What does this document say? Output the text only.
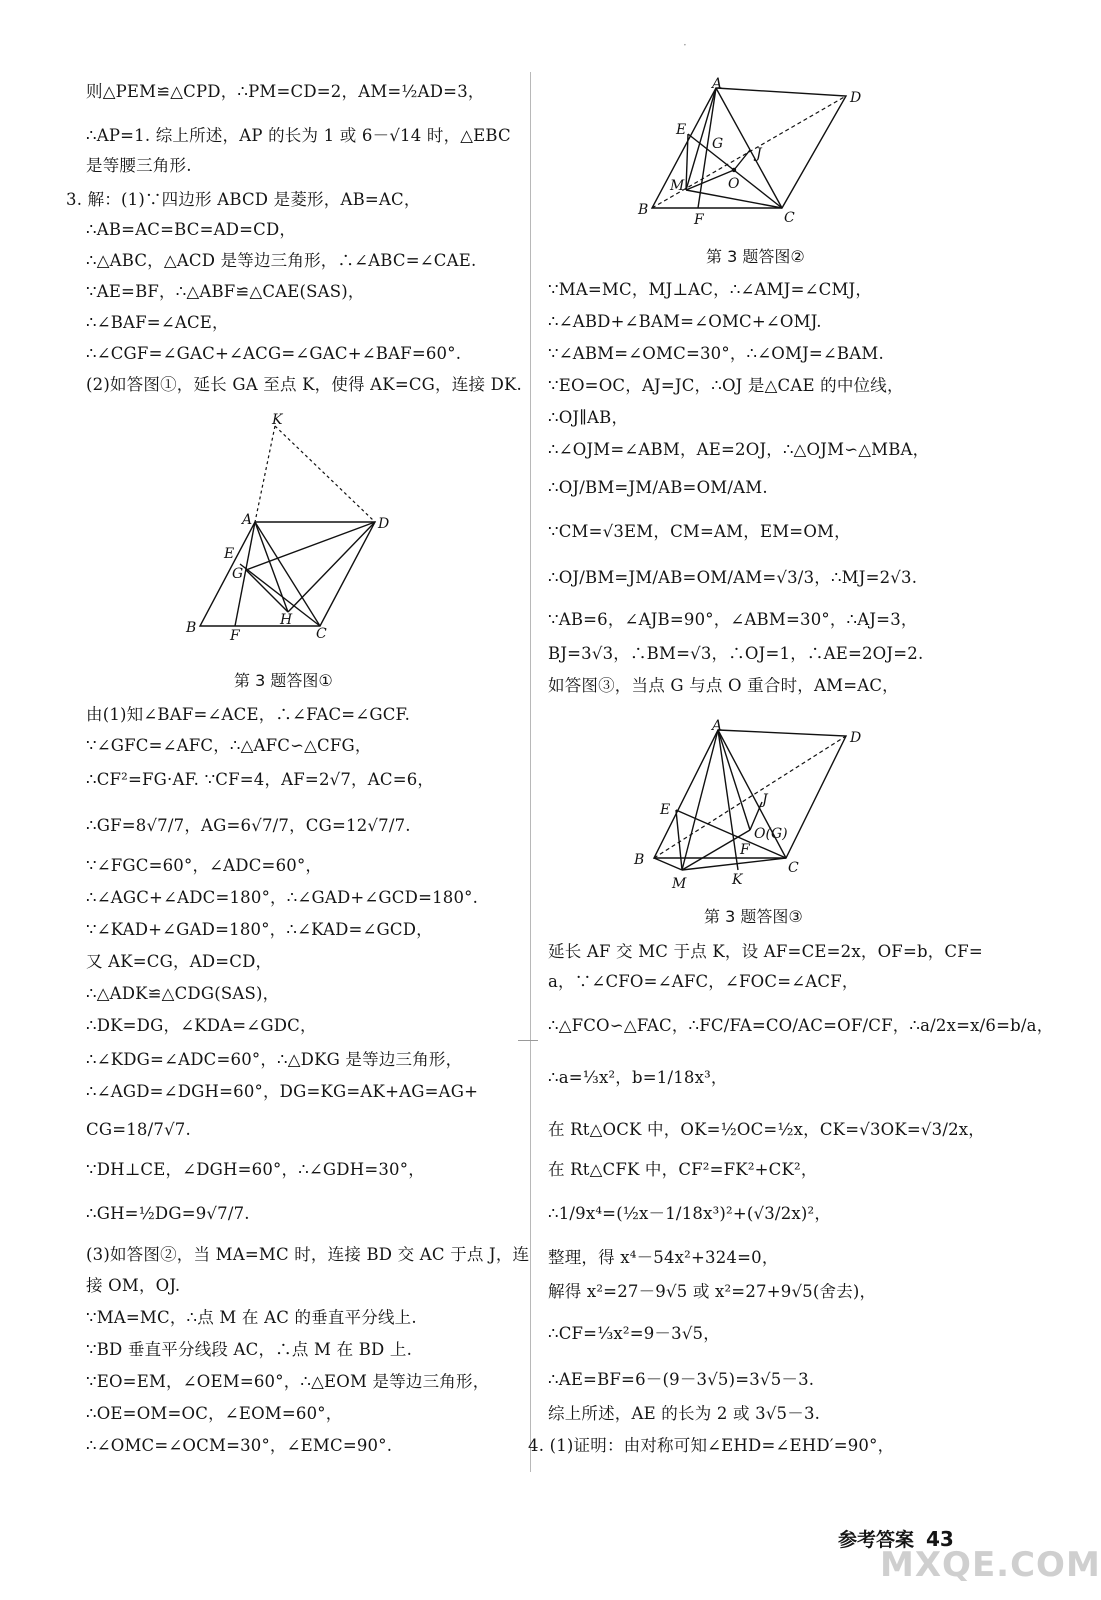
·
则△PEM≌△CPD，∴PM=CD=2，AM=½AD=3，
∴AP=1. 综上所述，AP 的长为 1 或 6－√14 时，△EBC
是等腰三角形.
3. 解：(1)∵四边形 ABCD 是菱形，AB=AC，
∴AB=AC=BC=AD=CD，
∴△ABC，△ACD 是等边三角形，∴∠ABC=∠CAE.
∵AE=BF，∴△ABF≌△CAE(SAS)，
∴∠BAF=∠ACE，
∴∠CGF=∠GAC+∠ACG=∠GAC+∠BAF=60°.
(2)如答图①，延长 GA 至点 K，使得 AK=CG，连接 DK.
由(1)知∠BAF=∠ACE，∴∠FAC=∠GCF.
∵∠GFC=∠AFC，∴△AFC∽△CFG，
∴CF²=FG·AF. ∵CF=4，AF=2√7，AC=6，
∴GF=8√7/7，AG=6√7/7，CG=12√7/7.
∵∠FGC=60°，∠ADC=60°，
∴∠AGC+∠ADC=180°，∴∠GAD+∠GCD=180°.
∵∠KAD+∠GAD=180°，∴∠KAD=∠GCD，
又 AK=CG，AD=CD，
∴△ADK≌△CDG(SAS)，
∴DK=DG，∠KDA=∠GDC，
∴∠KDG=∠ADC=60°，∴△DKG 是等边三角形，
∴∠AGD=∠DGH=60°，DG=KG=AK+AG=AG+
CG=18/7√7.
∵DH⊥CE，∠DGH=60°，∴∠GDH=30°，
∴GH=½DG=9√7/7.
(3)如答图②，当 MA=MC 时，连接 BD 交 AC 于点 J，连
接 OM，OJ.
∵MA=MC，∴点 M 在 AC 的垂直平分线上.
∵BD 垂直平分线段 AC，∴点 M 在 BD 上.
∵EO=EM，∠OEM=60°，∴△EOM 是等边三角形，
∴OE=OM=OC，∠EOM=60°，
∴∠OMC=∠OCM=30°，∠EMC=90°.
K
A	D
E
G
H
B F	C
第 3 题答图①
∵MA=MC，MJ⊥AC，∴∠AMJ=∠CMJ，
∴∠ABD+∠BAM=∠OMC+∠OMJ.
∵∠ABM=∠OMC=30°，∴∠OMJ=∠BAM.
∵EO=OC，AJ=JC，∴OJ 是△CAE 的中位线，
∴OJ∥AB，
∴∠OJM=∠ABM，AE=2OJ，∴△OJM∽△MBA，
∴OJ/BM=JM/AB=OM/AM.
∵CM=√3EM，CM=AM，EM=OM，
∴OJ/BM=JM/AB=OM/AM=√3/3，∴MJ=2√3.
∵AB=6，∠AJB=90°，∠ABM=30°，∴AJ=3，
BJ=3√3，∴BM=√3，∴OJ=1，∴AE=2OJ=2.
如答图③，当点 G 与点 O 重合时，AM=AC，
延长 AF 交 MC 于点 K，设 AF=CE=2x，OF=b，CF=
a，∵∠CFO=∠AFC，∠FOC=∠ACF，
∴△FCO∽△FAC，∴FC/FA=CO/AC=OF/CF，∴a/2x=x/6=b/a，
∴a=⅓x²，b=1/18x³，
在 Rt△OCK 中，OK=½OC=½x，CK=√3OK=√3/2x，
在 Rt△CFK 中，CF²=FK²+CK²，
∴1/9x⁴=(½x－1/18x³)²+(√3/2x)²，
整理，得 x⁴－54x²+324=0，
解得 x²=27－9√5 或 x²=27+9√5(舍去)，
∴CF=⅓x²=9－3√5，
∴AE=BF=6－(9－3√5)=3√5－3.
综上所述，AE 的长为 2 或 3√5－3.
4. (1)证明：由对称可知∠EHD=∠EHD′=90°，
A
D
E
G
J
M	O
B
F	C
第 3 题答图②
A
D
E
J
O(G)
F
B
M	K
C
第 3 题答图③
参考答案 43
MXQE.COM
